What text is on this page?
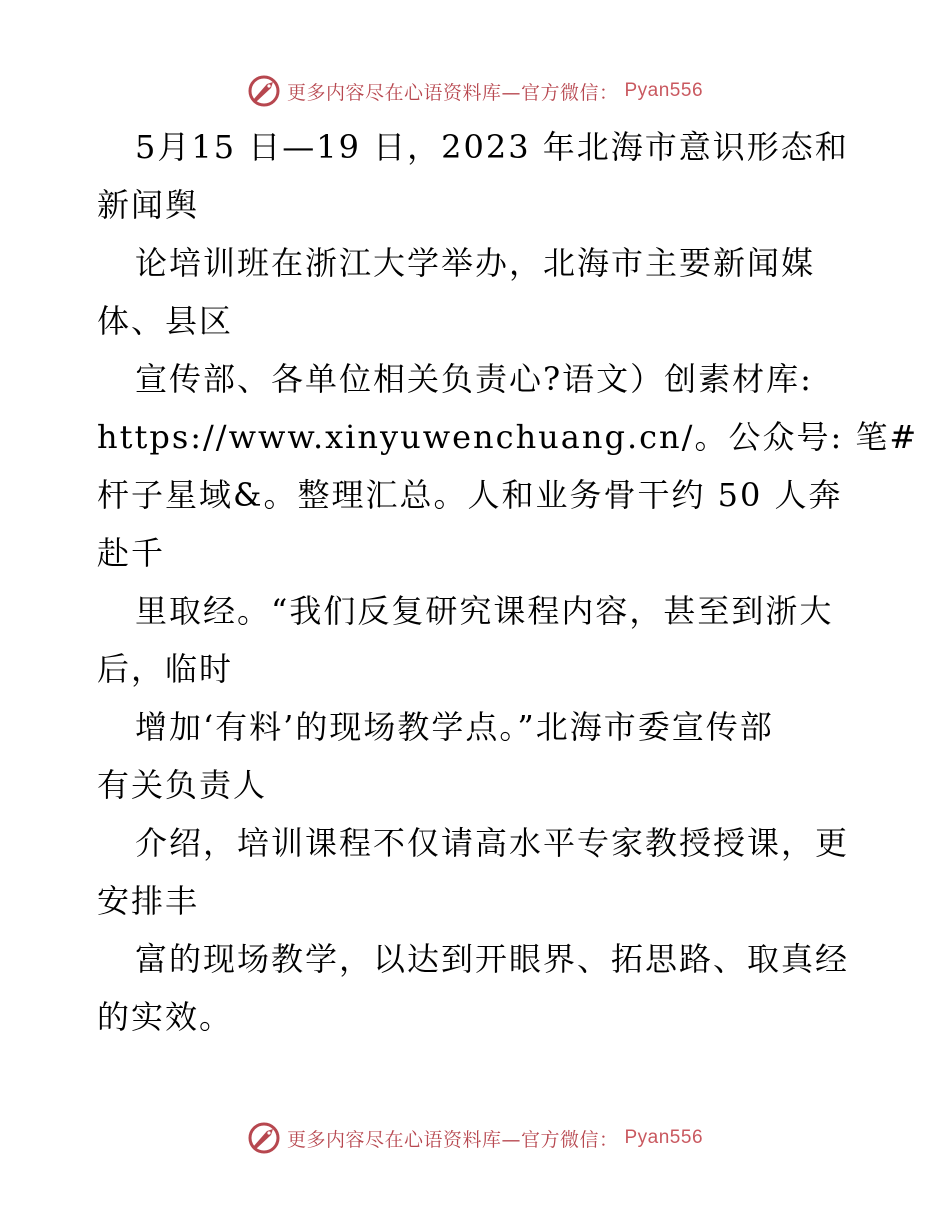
更多内容尽在心语资料库—官方微信： Pyan556
5月15 日—19 日，2023 年北海市意识形态和
新闻舆
论培训班在浙江大学举办，北海市主要新闻媒
体、县区
宣传部、各单位相关负责心?语文）创素材库:
https://www.xinyuwenchuang.cn/。公众号: 笔#
杆子星域&。整理汇总。人和业务骨干约 50 人奔
赴千
里取经。“我们反复研究课程内容，甚至到浙大
后，临时
增加‘有料’的现场教学点。”北海市委宣传部
有关负责人
介绍，培训课程不仅请高水平专家教授授课，更
安排丰
富的现场教学，以达到开眼界、拓思路、取真经
的实效。
更多内容尽在心语资料库—官方微信： Pyan556
